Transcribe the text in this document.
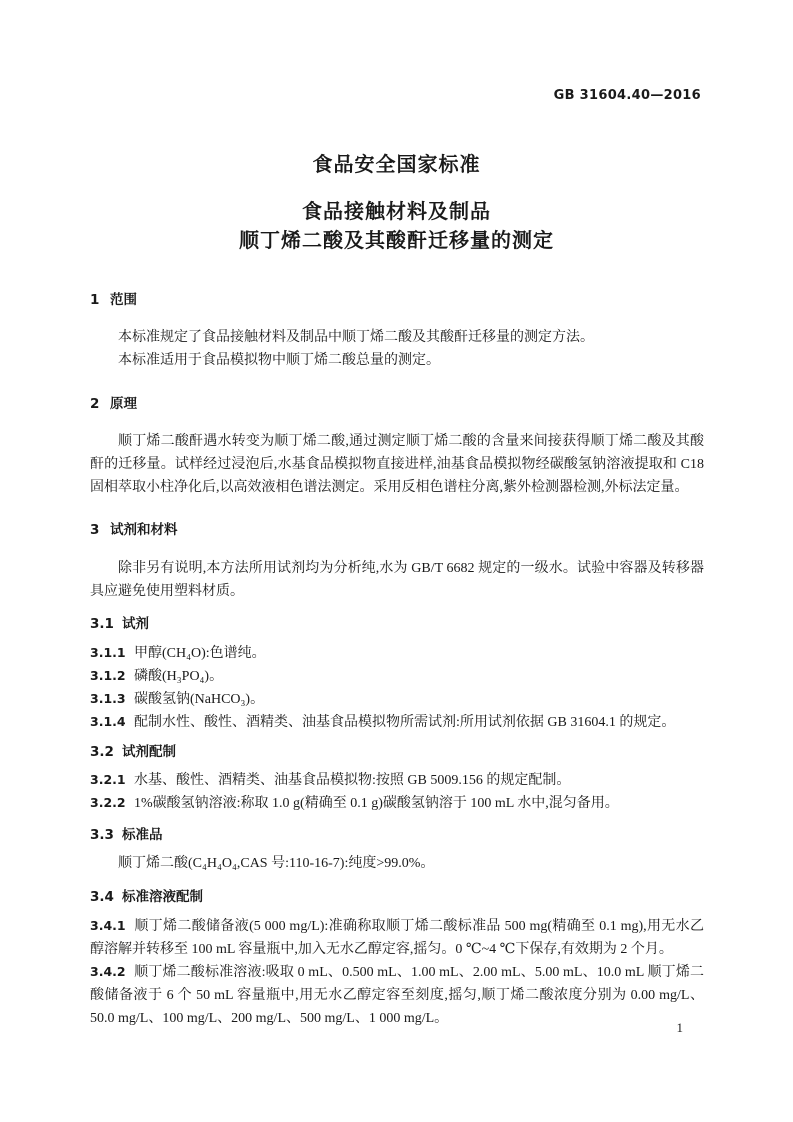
GB 31604.40—2016
食品安全国家标准
食品接触材料及制品
顺丁烯二酸及其酸酐迁移量的测定
1 范围
本标准规定了食品接触材料及制品中顺丁烯二酸及其酸酐迁移量的测定方法。
本标准适用于食品模拟物中顺丁烯二酸总量的测定。
2 原理
顺丁烯二酸酐遇水转变为顺丁烯二酸,通过测定顺丁烯二酸的含量来间接获得顺丁烯二酸及其酸酐的迁移量。试样经过浸泡后,水基食品模拟物直接进样,油基食品模拟物经碳酸氢钠溶液提取和 C18固相萃取小柱净化后,以高效液相色谱法测定。采用反相色谱柱分离,紫外检测器检测,外标法定量。
3 试剂和材料
除非另有说明,本方法所用试剂均为分析纯,水为 GB/T 6682 规定的一级水。试验中容器及转移器具应避免使用塑料材质。
3.1 试剂
3.1.1 甲醇(CH₄O):色谱纯。
3.1.2 磷酸(H₃PO₄)。
3.1.3 碳酸氢钠(NaHCO₃)。
3.1.4 配制水性、酸性、酒精类、油基食品模拟物所需试剂:所用试剂依据 GB 31604.1 的规定。
3.2 试剂配制
3.2.1 水基、酸性、酒精类、油基食品模拟物:按照 GB 5009.156 的规定配制。
3.2.2 1%碳酸氢钠溶液:称取 1.0 g(精确至 0.1 g)碳酸氢钠溶于 100 mL 水中,混匀备用。
3.3 标准品
顺丁烯二酸(C₄H₄O₄,CAS 号:110-16-7):纯度>99.0%。
3.4 标准溶液配制
3.4.1 顺丁烯二酸储备液(5 000 mg/L):准确称取顺丁烯二酸标准品 500 mg(精确至 0.1 mg),用无水乙醇溶解并转移至 100 mL 容量瓶中,加入无水乙醇定容,摇匀。0 ℃~4 ℃下保存,有效期为 2 个月。
3.4.2 顺丁烯二酸标准溶液:吸取 0 mL、0.500 mL、1.00 mL、2.00 mL、5.00 mL、10.0 mL 顺丁烯二酸储备液于 6 个 50 mL 容量瓶中,用无水乙醇定容至刻度,摇匀,顺丁烯二酸浓度分别为 0.00 mg/L、50.0 mg/L、100 mg/L、200 mg/L、500 mg/L、1 000 mg/L。
1
